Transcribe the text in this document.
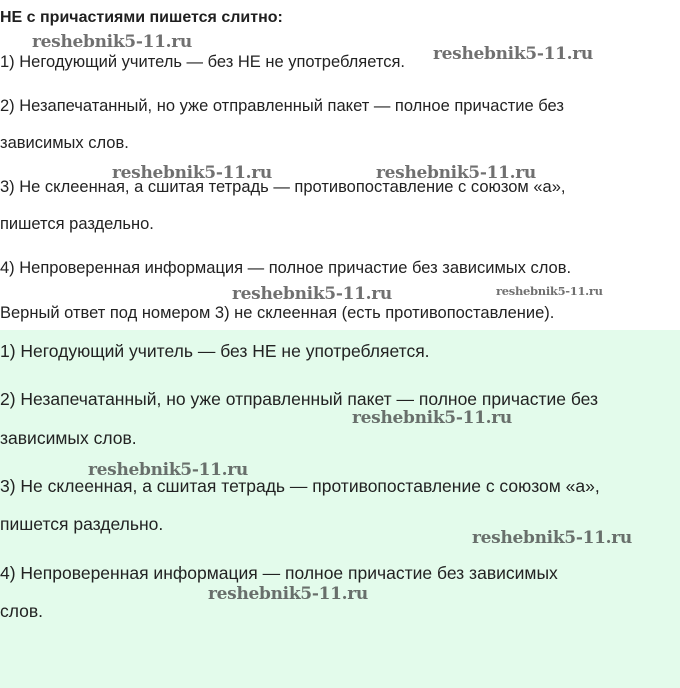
НЕ с причастиями пишется слитно:
1) Негодующий учитель — без НЕ не употребляется.
2) Незапечатанный, но уже отправленный пакет — полное причастие без
зависимых слов.
3) Не склеенная, а сшитая тетрадь — противопоставление с союзом «а»,
пишется раздельно.
4) Непроверенная информация — полное причастие без зависимых слов.
Верный ответ под номером 3) не склеенная (есть противопоставление).
1) Негодующий учитель — без НЕ не употребляется.
2) Незапечатанный, но уже отправленный пакет — полное причастие без
зависимых слов.
3) Не склеенная, а сшитая тетрадь — противопоставление с союзом «а»,
пишется раздельно.
4) Непроверенная информация — полное причастие без зависимых
слов.
reshebnik5-11.ru
reshebnik5-11.ru
reshebnik5-11.ru	reshebnik5-11.ru
reshebnik5-11.ru	reshebnik5-11.ru
reshebnik5-11.ru
reshebnik5-11.ru
reshebnik5-11.ru
reshebnik5-11.ru
